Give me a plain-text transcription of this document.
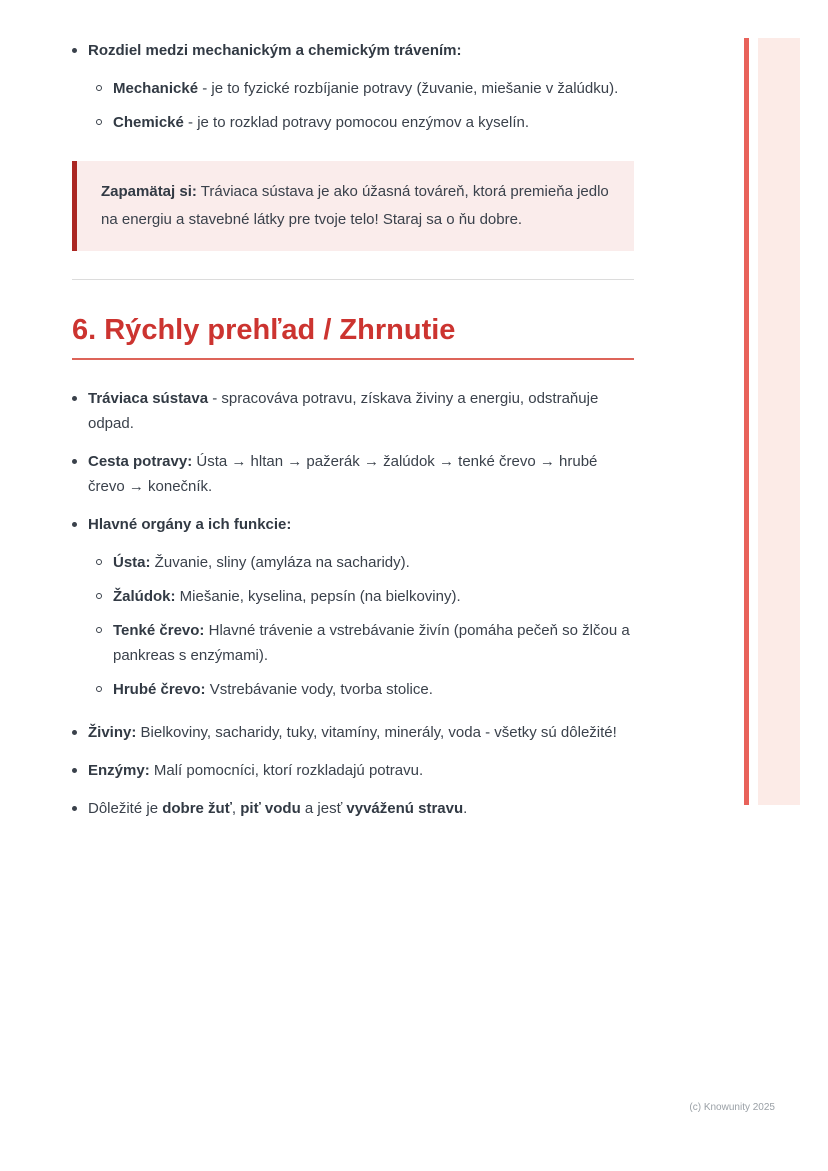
Rozdiel medzi mechanickým a chemickým trávením:
Mechanické - je to fyzické rozbíjanie potravy (žuvanie, miešanie v žalúdku).
Chemické - je to rozklad potravy pomocou enzýmov a kyselín.

Zapamätaj si: Tráviaca sústava je ako úžasná továreň, ktorá premieňa jedlo na energiu a stavebné látky pre tvoje telo! Staraj sa o ňu dobre.

6. Rýchly prehľad / Zhrnutie
Tráviaca sústava - spracováva potravu, získava živiny a energiu, odstraňuje odpad.
Cesta potravy: Ústa → hltan → pažerák → žalúdok → tenké črevo → hrubé črevo → konečník.
Hlavné orgány a ich funkcie:
Ústa: Žuvanie, sliny (amyláza na sacharidy).
Žalúdok: Miešanie, kyselina, pepsín (na bielkoviny).
Tenké črevo: Hlavné trávenie a vstrebávanie živín (pomáha pečeň so žlčou a pankreas s enzýmami).
Hrubé črevo: Vstrebávanie vody, tvorba stolice.
Živiny: Bielkoviny, sacharidy, tuky, vitamíny, minerály, voda - všetky sú dôležité!
Enzýmy: Malí pomocníci, ktorí rozkladajú potravu.
Dôležité je dobre žuť, piť vodu a jesť vyváženú stravu.
(c) Knowunity 2025
